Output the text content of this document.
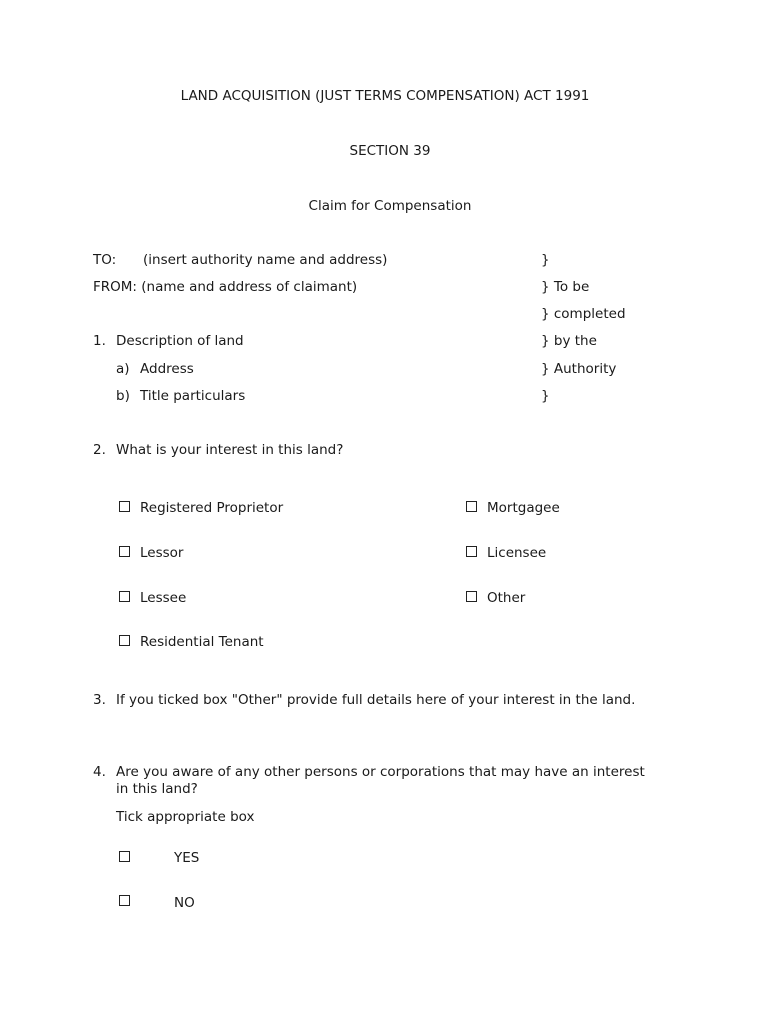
LAND ACQUISITION (JUST TERMS COMPENSATION) ACT 1991
SECTION 39
Claim for Compensation
TO: (insert authority name and address)
FROM: (name and address of claimant)
}
} To be
} completed
} by the
} Authority
}
1. Description of land
a) Address
b) Title particulars
2. What is your interest in this land?
Registered Proprietor	Mortgagee
Lessor	Licensee
Lessee	Other
Residential Tenant
3. If you ticked box "Other" provide full details here of your interest in the land.
4. Are you aware of any other persons or corporations that may have an interest in this land?
Tick appropriate box
YES
NO
